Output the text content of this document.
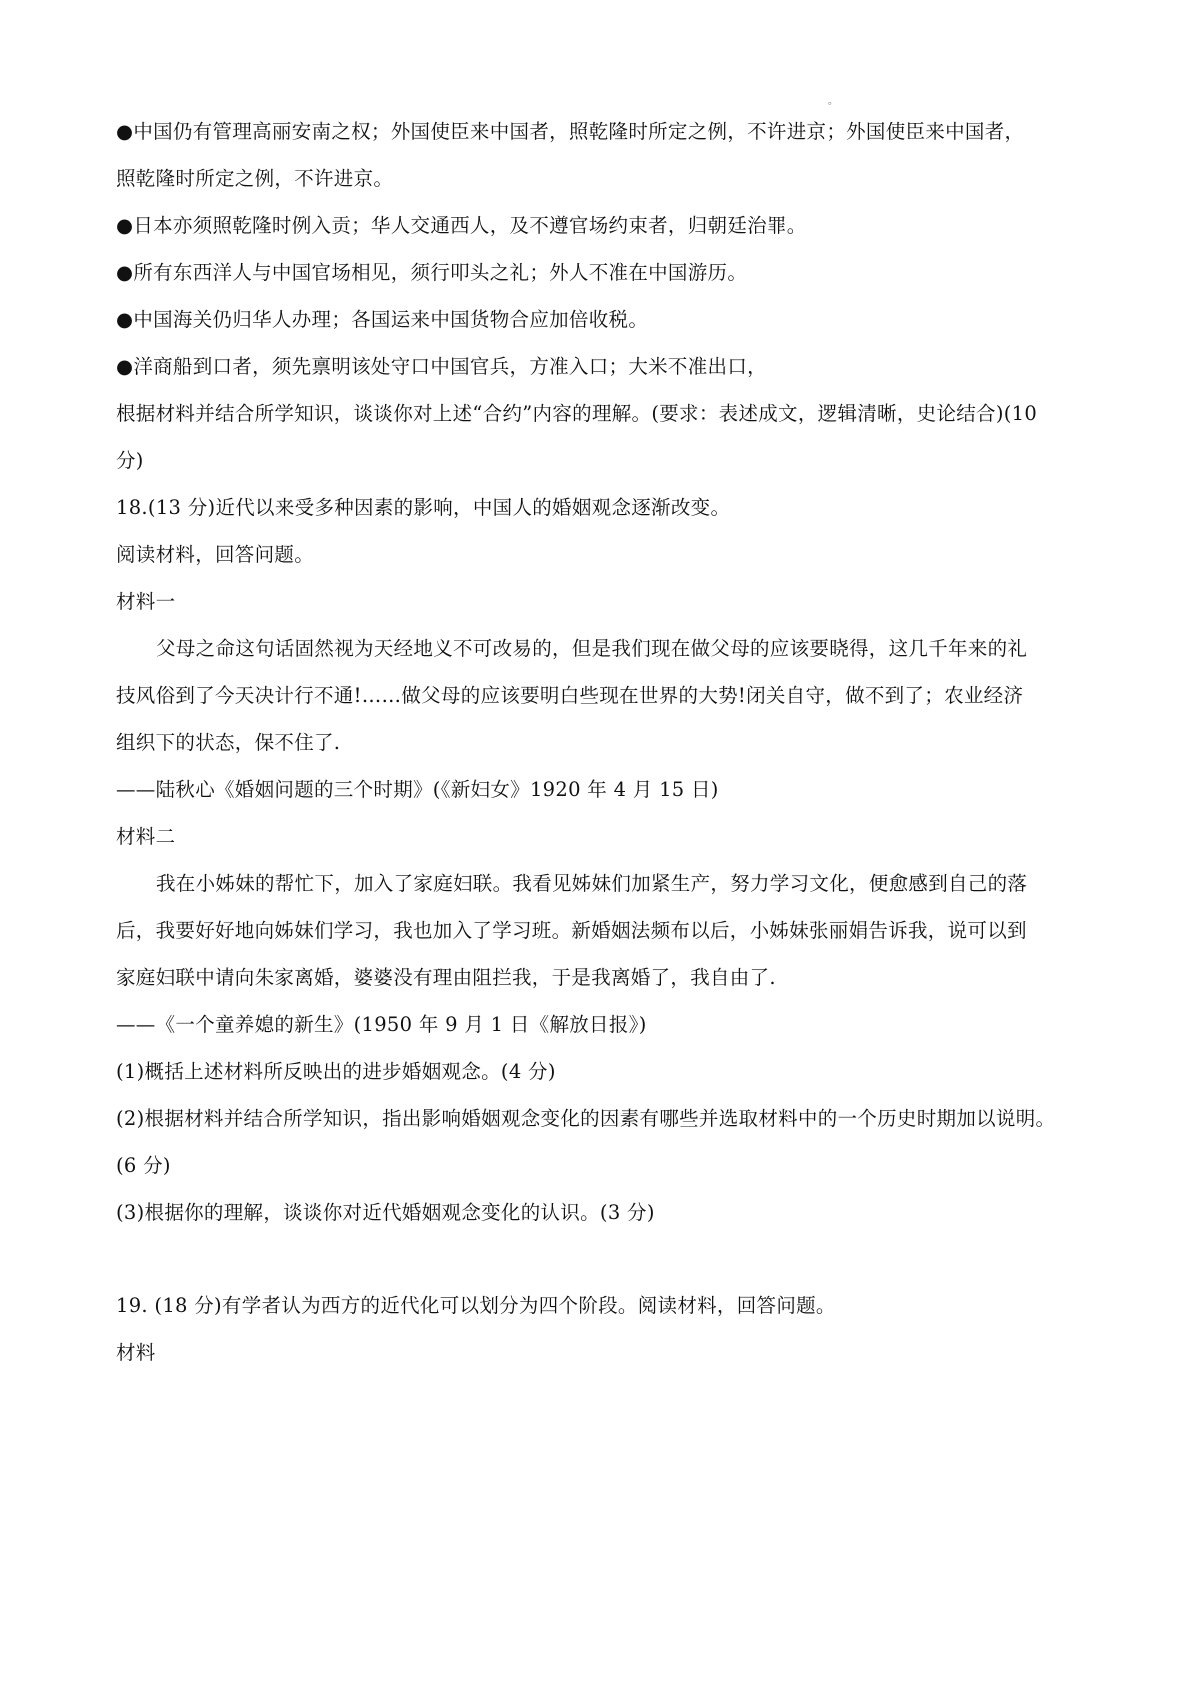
。
●中国仍有管理高丽安南之权；外国使臣来中国者，照乾隆时所定之例，不许进京；外国使臣来中国者，
照乾隆时所定之例，不许进京。
●日本亦须照乾隆时例入贡；华人交通西人，及不遵官场约束者，归朝廷治罪。
●所有东西洋人与中国官场相见，须行叩头之礼；外人不准在中国游历。
●中国海关仍归华人办理；各国运来中国货物合应加倍收税。
●洋商船到口者，须先禀明该处守口中国官兵，方准入口；大米不准出口，
根据材料并结合所学知识，谈谈你对上述“合约”内容的理解。(要求：表述成文，逻辑清晰，史论结合)(10
分)
18.(13 分)近代以来受多种因素的影响，中国人的婚姻观念逐渐改变。
阅读材料，回答问题。
材料一
父母之命这句话固然视为天经地义不可改易的，但是我们现在做父母的应该要晓得，这几千年来的礼
技风俗到了今天决计行不通!……做父母的应该要明白些现在世界的大势!闭关自守，做不到了；农业经济
组织下的状态，保不住了.
——陆秋心《婚姻问题的三个时期》(《新妇女》1920 年 4 月 15 日)
材料二
我在小姊妹的帮忙下，加入了家庭妇联。我看见姊妹们加紧生产，努力学习文化，便愈感到自己的落
后，我要好好地向姊妹们学习，我也加入了学习班。新婚姻法频布以后，小姊妹张丽娟告诉我，说可以到
家庭妇联中请向朱家离婚，婆婆没有理由阻拦我，于是我离婚了，我自由了.
——《一个童养媳的新生》(1950 年 9 月 1 日《解放日报》)
(1)概括上述材料所反映出的进步婚姻观念。(4 分)
(2)根据材料并结合所学知识，指出影响婚姻观念变化的因素有哪些并选取材料中的一个历史时期加以说明。
(6 分)
(3)根据你的理解，谈谈你对近代婚姻观念变化的认识。(3 分)
19. (18 分)有学者认为西方的近代化可以划分为四个阶段。阅读材料，回答问题。
材料
